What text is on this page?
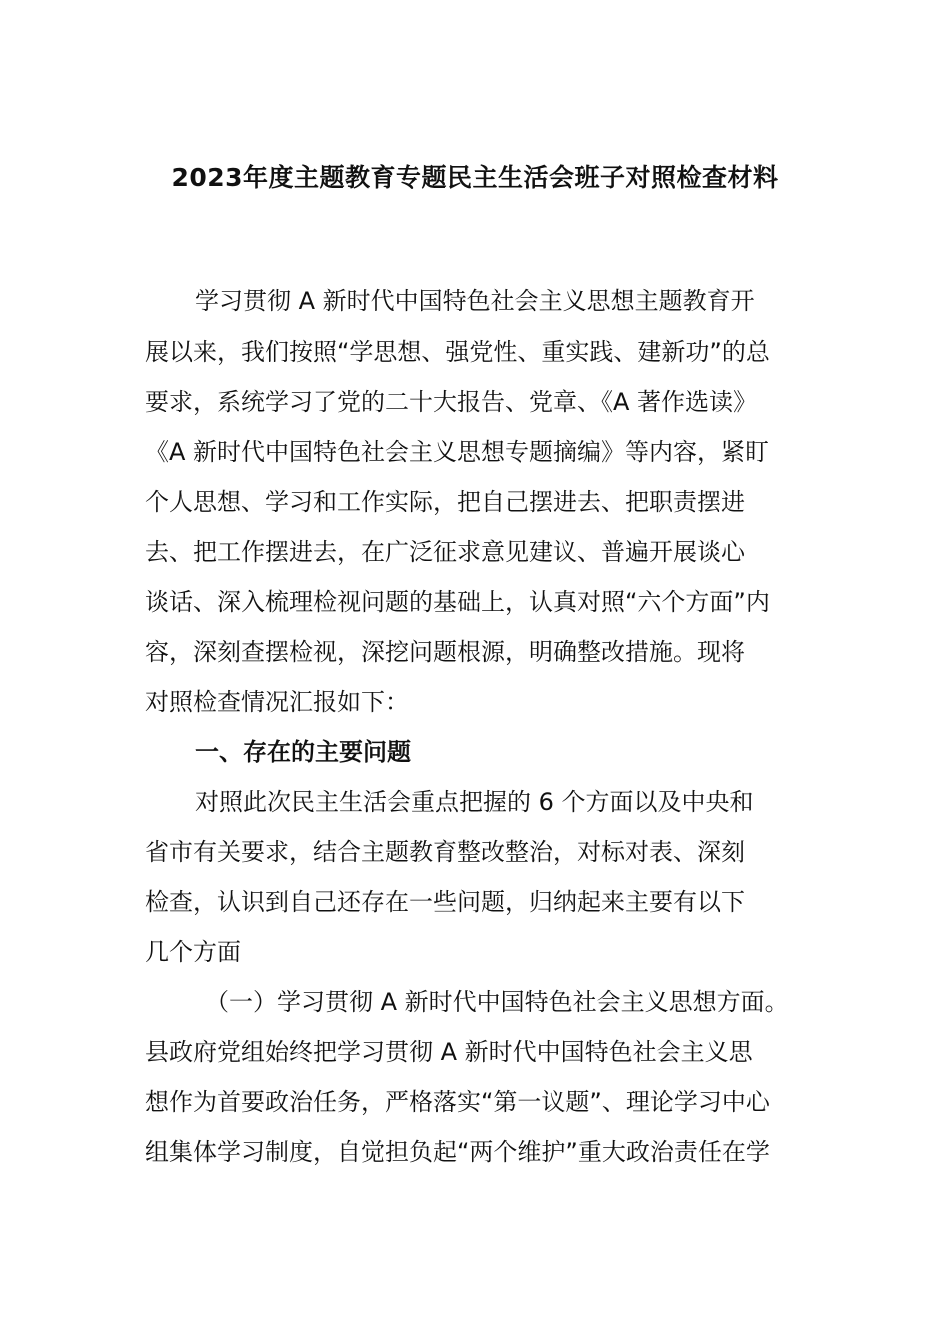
2023年度主题教育专题民主生活会班子对照检查材料
学习贯彻 A 新时代中国特色社会主义思想主题教育开
展以来，我们按照“学思想、强党性、重实践、建新功”的总
要求，系统学习了党的二十大报告、党章、《A 著作选读》
《A 新时代中国特色社会主义思想专题摘编》等内容，紧盯
个人思想、学习和工作实际，把自己摆进去、把职责摆进
去、把工作摆进去，在广泛征求意见建议、普遍开展谈心
谈话、深入梳理检视问题的基础上，认真对照“六个方面”内
容，深刻查摆检视，深挖问题根源，明确整改措施。现将
对照检查情况汇报如下：
一、存在的主要问题
对照此次民主生活会重点把握的 6 个方面以及中央和
省市有关要求，结合主题教育整改整治，对标对表、深刻
检查，认识到自己还存在一些问题，归纳起来主要有以下
几个方面
（一）学习贯彻 A 新时代中国特色社会主义思想方面。
县政府党组始终把学习贯彻 A 新时代中国特色社会主义思
想作为首要政治任务，严格落实“第一议题”、理论学习中心
组集体学习制度，自觉担负起“两个维护”重大政治责任在学
